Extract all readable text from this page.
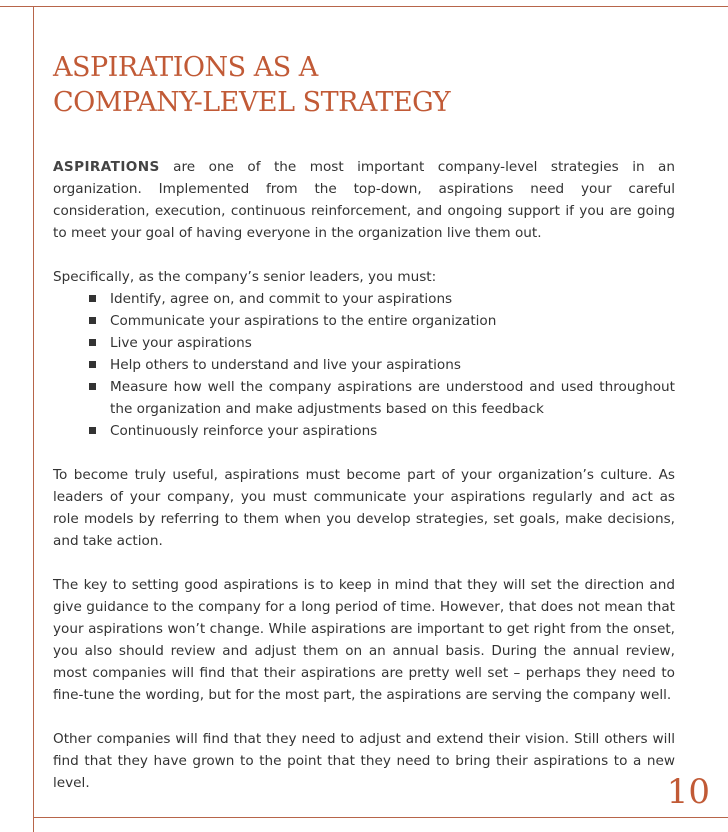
ASPIRATIONS AS A
COMPANY-LEVEL STRATEGY

ASPIRATIONS are one of the most important company-level strategies in an organization. Implemented from the top-down, aspirations need your careful consideration, execution, continuous reinforcement, and ongoing support if you are going to meet your goal of having everyone in the organization live them out.

Specifically, as the company’s senior leaders, you must:

Identify, agree on, and commit to your aspirations
Communicate your aspirations to the entire organization
Live your aspirations
Help others to understand and live your aspirations
Measure how well the company aspirations are understood and used throughout the organization and make adjustments based on this feedback
Continuously reinforce your aspirations

To become truly useful, aspirations must become part of your organization’s culture. As leaders of your company, you must communicate your aspirations regularly and act as role models by referring to them when you develop strategies, set goals, make decisions, and take action.

The key to setting good aspirations is to keep in mind that they will set the direction and give guidance to the company for a long period of time. However, that does not mean that your aspirations won’t change. While aspirations are important to get right from the onset, you also should review and adjust them on an annual basis. During the annual review, most companies will find that their aspirations are pretty well set – perhaps they need to fine-tune the wording, but for the most part, the aspirations are serving the company well.

Other companies will find that they need to adjust and extend their vision. Still others will find that they have grown to the point that they need to bring their aspirations to a new level.	10
